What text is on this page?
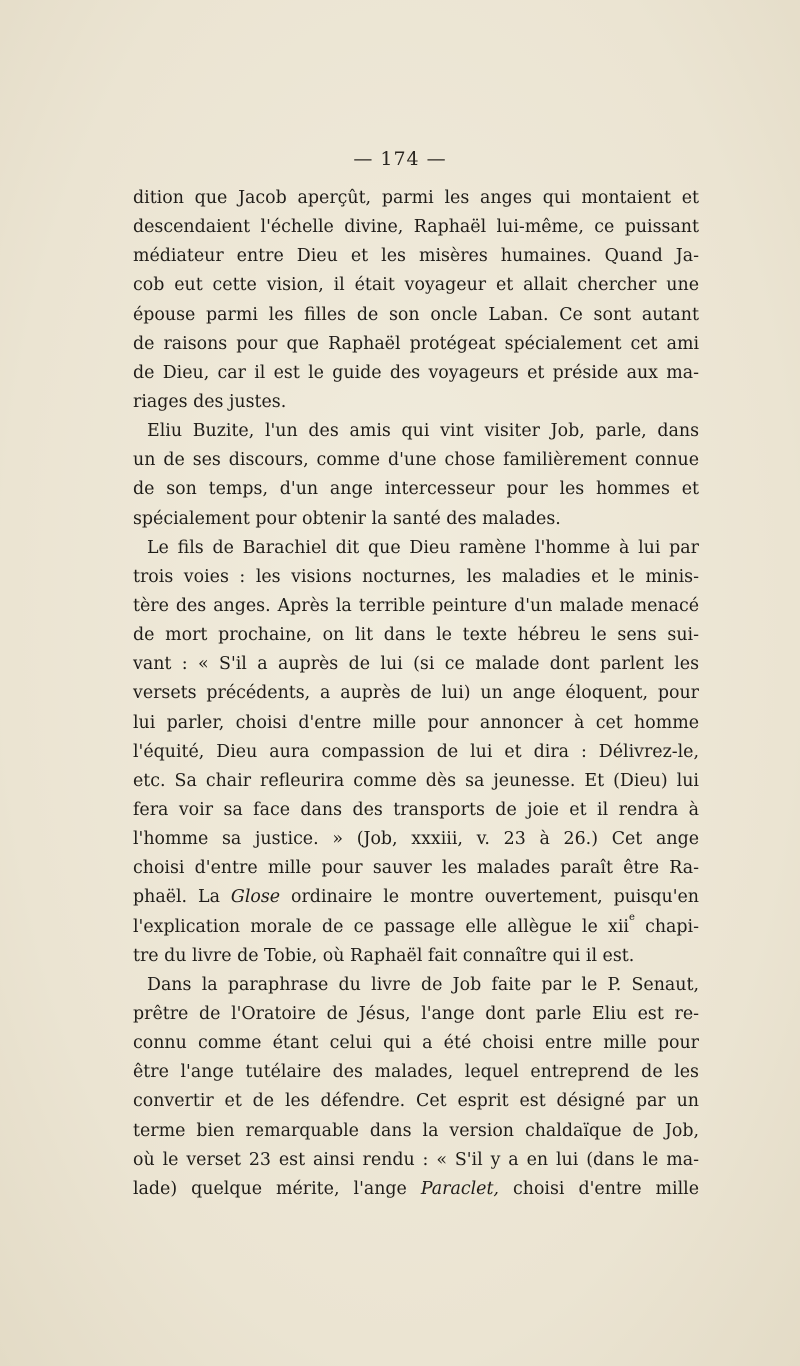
— 174 —
dition que Jacob aperçût, parmi les anges qui montaient et
descendaient l'échelle divine, Raphaël lui-même, ce puissant
médiateur entre Dieu et les misères humaines. Quand Ja-
cob eut cette vision, il était voyageur et allait chercher une
épouse parmi les filles de son oncle Laban. Ce sont autant
de raisons pour que Raphaël protégeat spécialement cet ami
de Dieu, car il est le guide des voyageurs et préside aux ma-
riages des justes.
Eliu Buzite, l'un des amis qui vint visiter Job, parle, dans
un de ses discours, comme d'une chose familièrement connue
de son temps, d'un ange intercesseur pour les hommes et
spécialement pour obtenir la santé des malades.
Le fils de Barachiel dit que Dieu ramène l'homme à lui par
trois voies : les visions nocturnes, les maladies et le minis-
tère des anges. Après la terrible peinture d'un malade menacé
de mort prochaine, on lit dans le texte hébreu le sens sui-
vant : « S'il a auprès de lui (si ce malade dont parlent les
versets précédents, a auprès de lui) un ange éloquent, pour
lui parler, choisi d'entre mille pour annoncer à cet homme
l'équité, Dieu aura compassion de lui et dira : Délivrez-le,
etc. Sa chair refleurira comme dès sa jeunesse. Et (Dieu) lui
fera voir sa face dans des transports de joie et il rendra à
l'homme sa justice. » (Job, xxxiii, v. 23 à 26.) Cet ange
choisi d'entre mille pour sauver les malades paraît être Ra-
phaël. La Glose ordinaire le montre ouvertement, puisqu'en
l'explication morale de ce passage elle allègue le xii$^e$ chapi-
tre du livre de Tobie, où Raphaël fait connaître qui il est.
Dans la paraphrase du livre de Job faite par le P. Senaut,
prêtre de l'Oratoire de Jésus, l'ange dont parle Eliu est re-
connu comme étant celui qui a été choisi entre mille pour
être l'ange tutélaire des malades, lequel entreprend de les
convertir et de les défendre. Cet esprit est désigné par un
terme bien remarquable dans la version chaldaïque de Job,
où le verset 23 est ainsi rendu : « S'il y a en lui (dans le ma-
lade) quelque mérite, l'ange Paraclet, choisi d'entre mille
